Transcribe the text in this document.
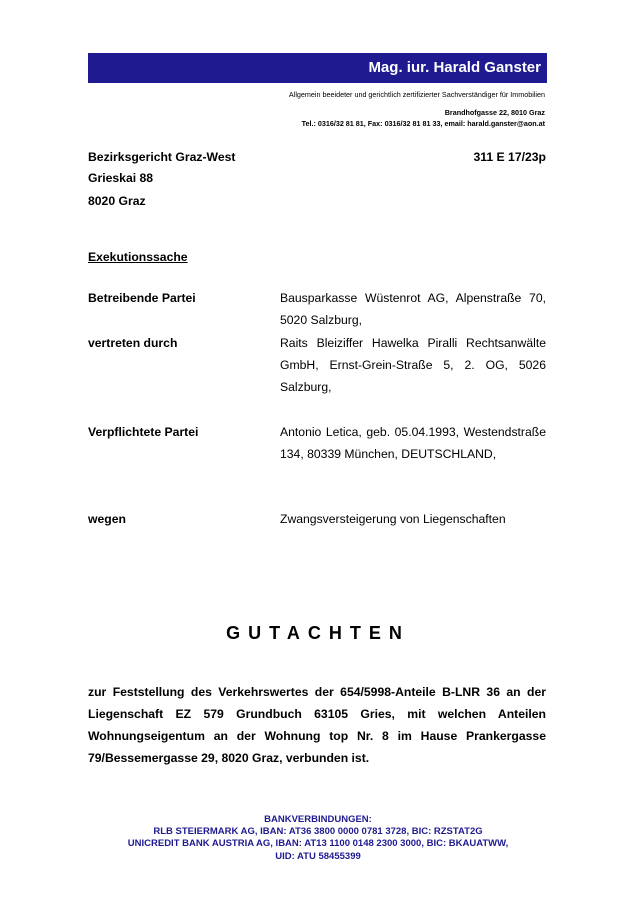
Mag. iur. Harald Ganster
Allgemein beeideter und gerichtlich zertifizierter Sachverständiger für Immobilien
Brandhofgasse 22, 8010 Graz
Tel.: 0316/32 81 81, Fax: 0316/32 81 81 33, email: harald.ganster@aon.at
Bezirksgericht Graz-West	311 E 17/23p
Grieskai 88
8020 Graz
Exekutionssache
Betreibende Partei	Bausparkasse Wüstenrot AG, Alpenstraße 70, 5020 Salzburg,
vertreten durch	Raits Bleiziffer Hawelka Piralli Rechtsanwälte GmbH, Ernst-Grein-Straße 5, 2. OG, 5026 Salzburg,
Verpflichtete Partei	Antonio Letica, geb. 05.04.1993, Westendstraße 134, 80339 München, DEUTSCHLAND,
wegen	Zwangsversteigerung von Liegenschaften
GUTACHTEN
zur Feststellung des Verkehrswertes der 654/5998-Anteile B-LNR 36 an der Liegenschaft EZ 579 Grundbuch 63105 Gries, mit welchen Anteilen Wohnungseigentum an der Wohnung top Nr. 8 im Hause Prankergasse 79/Bessemergasse 29, 8020 Graz, verbunden ist.
BANKVERBINDUNGEN:
RLB STEIERMARK AG, IBAN: AT36 3800 0000 0781 3728, BIC: RZSTAT2G
UNICREDIT BANK AUSTRIA AG, IBAN: AT13 1100 0148 2300 3000, BIC: BKAUATWW,
UID: ATU 58455399
